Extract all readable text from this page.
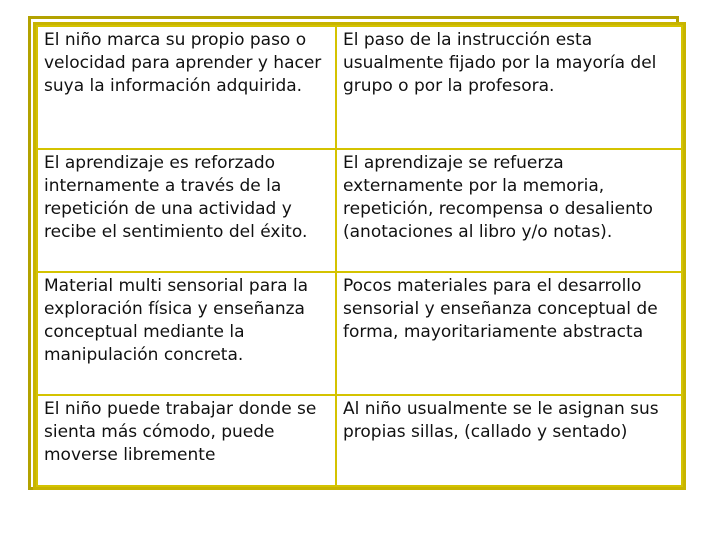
El niño marca su propio paso o velocidad para aprender y hacer suya la información adquirida.	El paso de la instrucción esta usualmente fijado por la mayoría del grupo o por la profesora.
El aprendizaje es reforzado internamente a través de la repetición de una actividad y recibe el sentimiento del éxito.	El aprendizaje se refuerza externamente por la memoria, repetición, recompensa o desaliento (anotaciones al libro y/o notas).
Material multi sensorial para la exploración física y enseñanza conceptual mediante la manipulación concreta.	Pocos materiales para el desarrollo sensorial y enseñanza conceptual de forma, mayoritariamente abstracta
El niño puede trabajar donde se sienta más cómodo, puede moverse libremente	Al niño usualmente se le asignan sus propias sillas, (callado y sentado)
